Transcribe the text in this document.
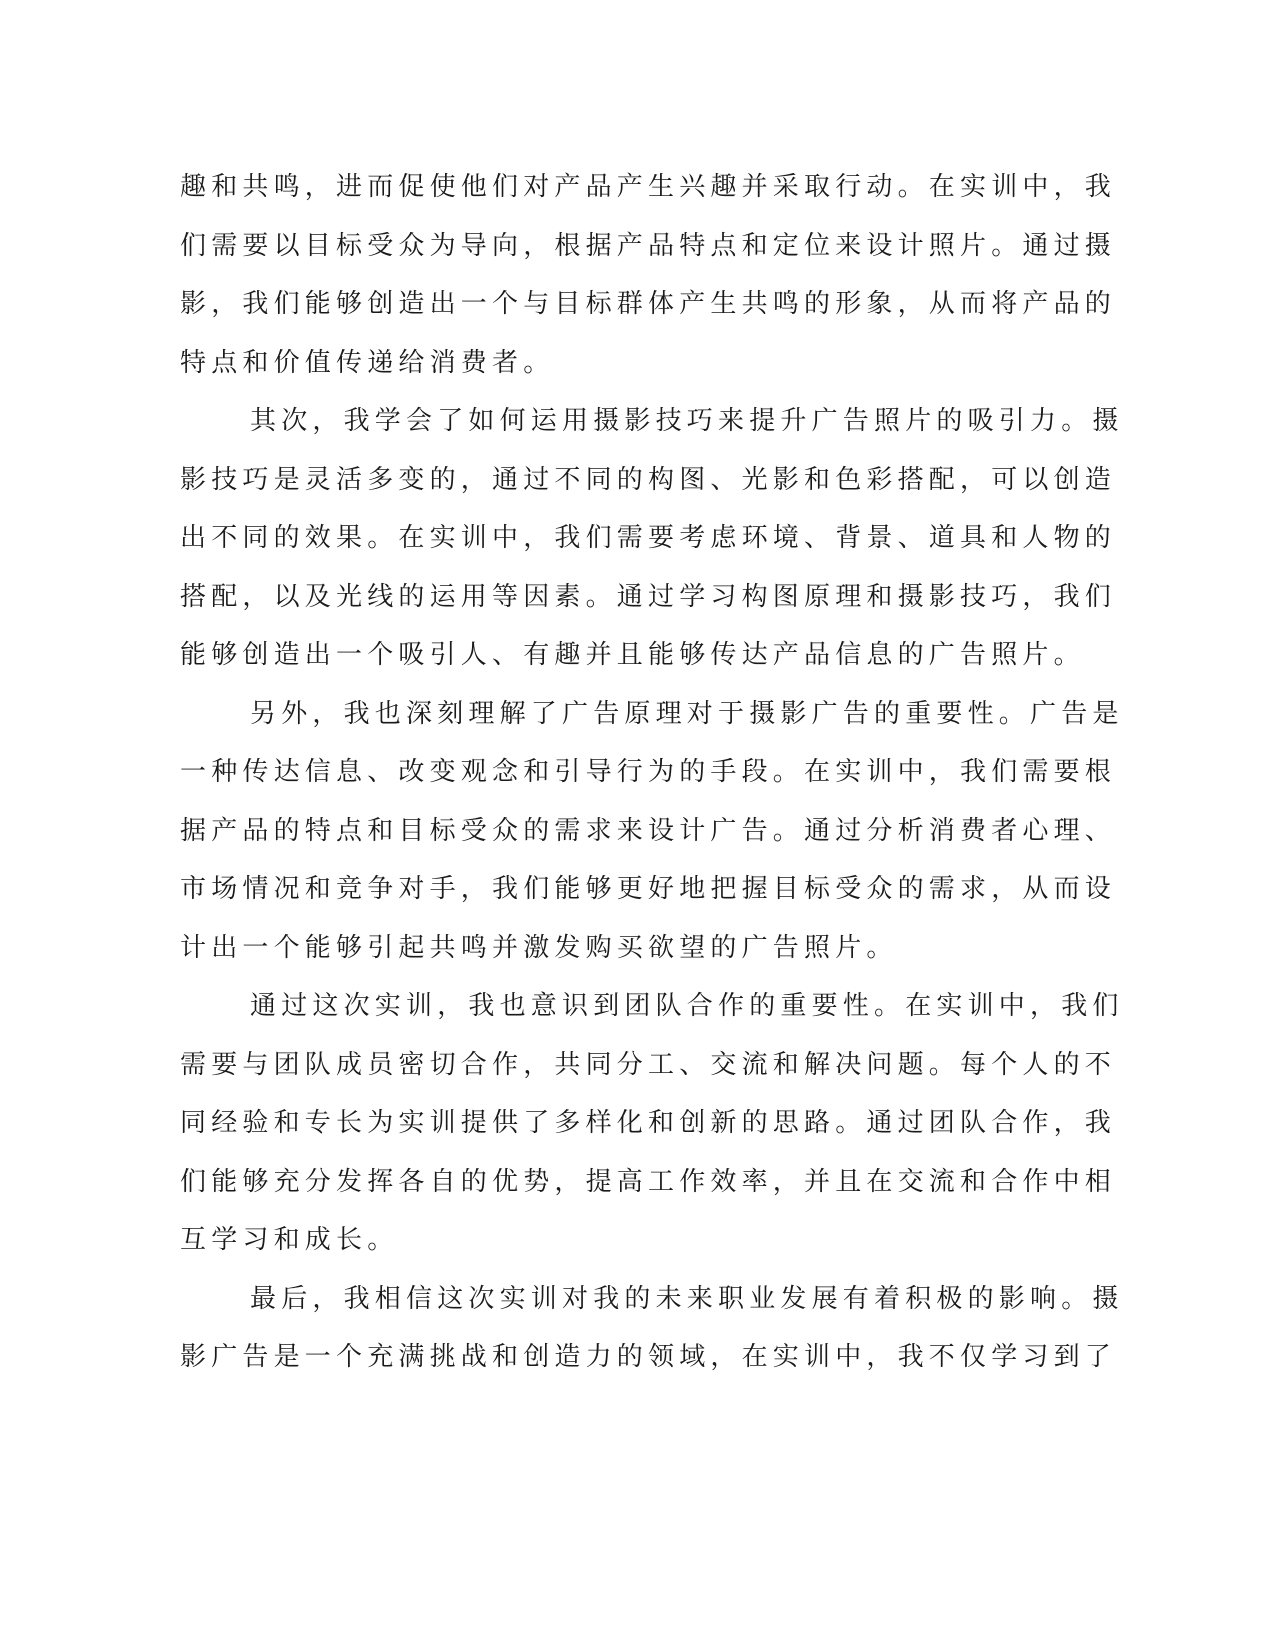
趣和共鸣，进而促使他们对产品产生兴趣并采取行动。在实训中，我
们需要以目标受众为导向，根据产品特点和定位来设计照片。通过摄
影，我们能够创造出一个与目标群体产生共鸣的形象，从而将产品的
特点和价值传递给消费者。
其次，我学会了如何运用摄影技巧来提升广告照片的吸引力。摄
影技巧是灵活多变的，通过不同的构图、光影和色彩搭配，可以创造
出不同的效果。在实训中，我们需要考虑环境、背景、道具和人物的
搭配，以及光线的运用等因素。通过学习构图原理和摄影技巧，我们
能够创造出一个吸引人、有趣并且能够传达产品信息的广告照片。
另外，我也深刻理解了广告原理对于摄影广告的重要性。广告是
一种传达信息、改变观念和引导行为的手段。在实训中，我们需要根
据产品的特点和目标受众的需求来设计广告。通过分析消费者心理、
市场情况和竞争对手，我们能够更好地把握目标受众的需求，从而设
计出一个能够引起共鸣并激发购买欲望的广告照片。
通过这次实训，我也意识到团队合作的重要性。在实训中，我们
需要与团队成员密切合作，共同分工、交流和解决问题。每个人的不
同经验和专长为实训提供了多样化和创新的思路。通过团队合作，我
们能够充分发挥各自的优势，提高工作效率，并且在交流和合作中相
互学习和成长。
最后，我相信这次实训对我的未来职业发展有着积极的影响。摄
影广告是一个充满挑战和创造力的领域，在实训中，我不仅学习到了
